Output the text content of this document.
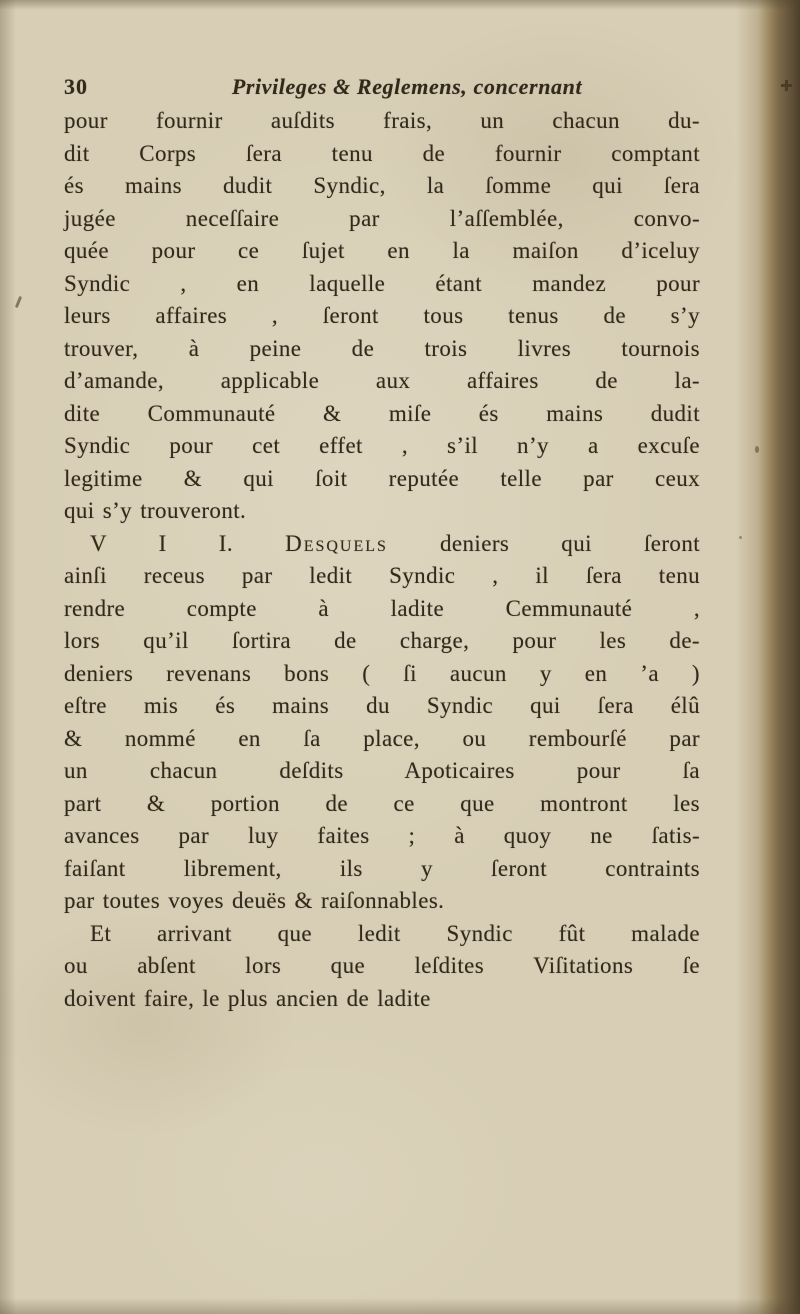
30	Privileges & Reglemens, concernant
pour fournir auſdits frais, un chacun du-
dit Corps ſera tenu de fournir comptant
és mains dudit Syndic, la ſomme qui ſera
jugée neceſſaire par l’aſſemblée, convo-
quée pour ce ſujet en la maiſon d’iceluy
Syndic , en laquelle étant mandez pour
leurs affaires , ſeront tous tenus de s’y
trouver, à peine de trois livres tournois
d’amande, applicable aux affaires de la-
dite Communauté & miſe és mains dudit
Syndic pour cet effet , s’il n’y a excuſe
legitime & qui ſoit reputée telle par ceux
qui s’y trouveront.
V I I. Desquels deniers qui ſeront
ainſi receus par ledit Syndic , il ſera tenu
rendre compte à ladite Cemmunauté ,
lors qu’il ſortira de charge, pour les de-
deniers revenans bons ( ſi aucun y en ’a )
eſtre mis és mains du Syndic qui ſera élû
& nommé en ſa place, ou rembourſé par
un chacun deſdits Apoticaires pour ſa
part & portion de ce que montront les
avances par luy faites ; à quoy ne ſatis-
faiſant librement, ils y ſeront contraints
par toutes voyes deuës & raiſonnables.
Et arrivant que ledit Syndic fût malade
ou abſent lors que leſdites Viſitations ſe
doivent faire, le plus ancien de ladite
